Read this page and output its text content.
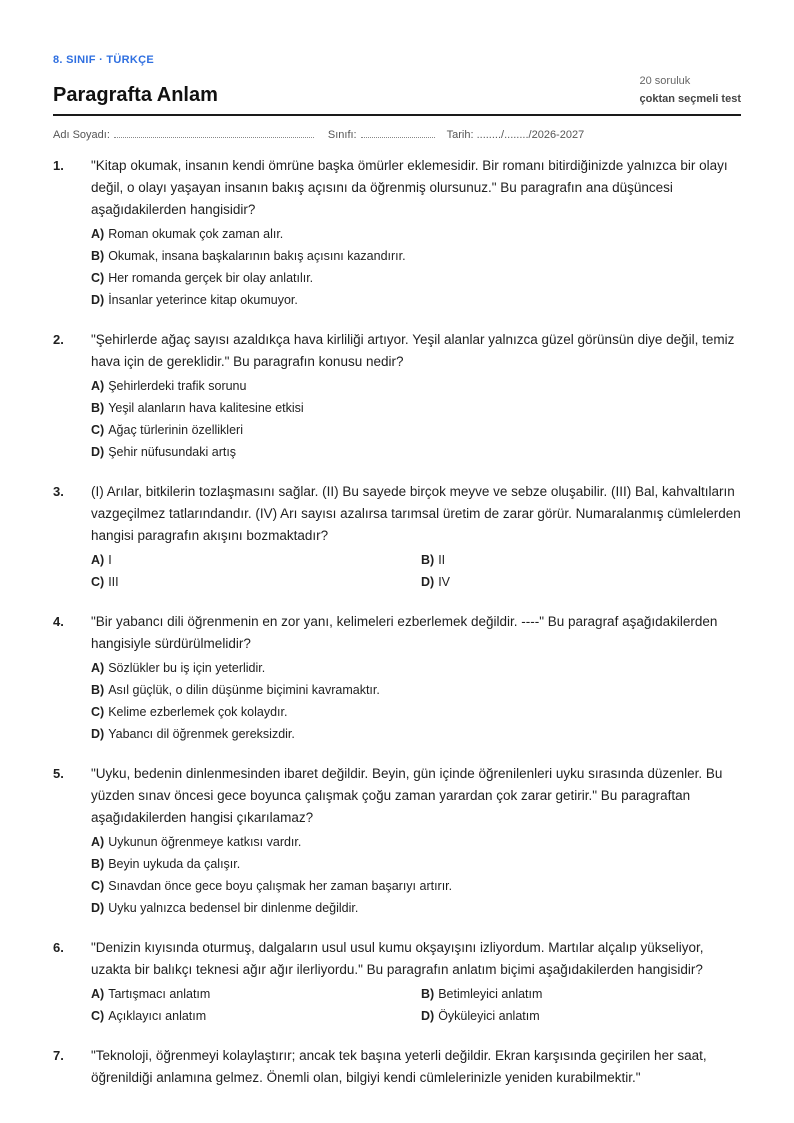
8. SINIF · TÜRKÇE
Paragrafta Anlam
20 soruluk
çoktan seçmeli test
Adı Soyadı:	Sınıfı:	Tarih: ......../......../2026-2027
1.	"Kitap okumak, insanın kendi ömrüne başka ömürler eklemesidir. Bir romanı bitirdiğinizde yalnızca bir olayı değil, o olayı yaşayan insanın bakış açısını da öğrenmiş olursunuz." Bu paragrafın ana düşüncesi aşağıdakilerden hangisidir?

A) Roman okumak çok zaman alır.
B) Okumak, insana başkalarının bakış açısını kazandırır.
C) Her romanda gerçek bir olay anlatılır.
D) İnsanlar yeterince kitap okumuyor.
2.	"Şehirlerde ağaç sayısı azaldıkça hava kirliliği artıyor. Yeşil alanlar yalnızca güzel görünsün diye değil, temiz hava için de gereklidir." Bu paragrafın konusu nedir?

A) Şehirlerdeki trafik sorunu
B) Yeşil alanların hava kalitesine etkisi
C) Ağaç türlerinin özellikleri
D) Şehir nüfusundaki artış
3.	(I) Arılar, bitkilerin tozlaşmasını sağlar. (II) Bu sayede birçok meyve ve sebze oluşabilir. (III) Bal, kahvaltıların vazgeçilmez tatlarındandır. (IV) Arı sayısı azalırsa tarımsal üretim de zarar görür. Numaralanmış cümlelerden hangisi paragrafın akışını bozmaktadır?

A) I	B) II
C) III	D) IV
4.	"Bir yabancı dili öğrenmenin en zor yanı, kelimeleri ezberlemek değildir. ----" Bu paragraf aşağıdakilerden hangisiyle sürdürülmelidir?

A) Sözlükler bu iş için yeterlidir.
B) Asıl güçlük, o dilin düşünme biçimini kavramaktır.
C) Kelime ezberlemek çok kolaydır.
D) Yabancı dil öğrenmek gereksizdir.
5.	"Uyku, bedenin dinlenmesinden ibaret değildir. Beyin, gün içinde öğrenilenleri uyku sırasında düzenler. Bu yüzden sınav öncesi gece boyunca çalışmak çoğu zaman yarardan çok zarar getirir." Bu paragraftan aşağıdakilerden hangisi çıkarılamaz?

A) Uykunun öğrenmeye katkısı vardır.
B) Beyin uykuda da çalışır.
C) Sınavdan önce gece boyu çalışmak her zaman başarıyı artırır.
D) Uyku yalnızca bedensel bir dinlenme değildir.
6.	"Denizin kıyısında oturmuş, dalgaların usul usul kumu okşayışını izliyordum. Martılar alçalıp yükseliyor, uzakta bir balıkçı teknesi ağır ağır ilerliyordu." Bu paragrafın anlatım biçimi aşağıdakilerden hangisidir?

A) Tartışmacı anlatım	B) Betimleyici anlatım
C) Açıklayıcı anlatım	D) Öyküleyici anlatım
7.	"Teknoloji, öğrenmeyi kolaylaştırır; ancak tek başına yeterli değildir. Ekran karşısında geçirilen her saat, öğrenildiği anlamına gelmez. Önemli olan, bilgiyi kendi cümlelerinizle yeniden kurabilmektir."
